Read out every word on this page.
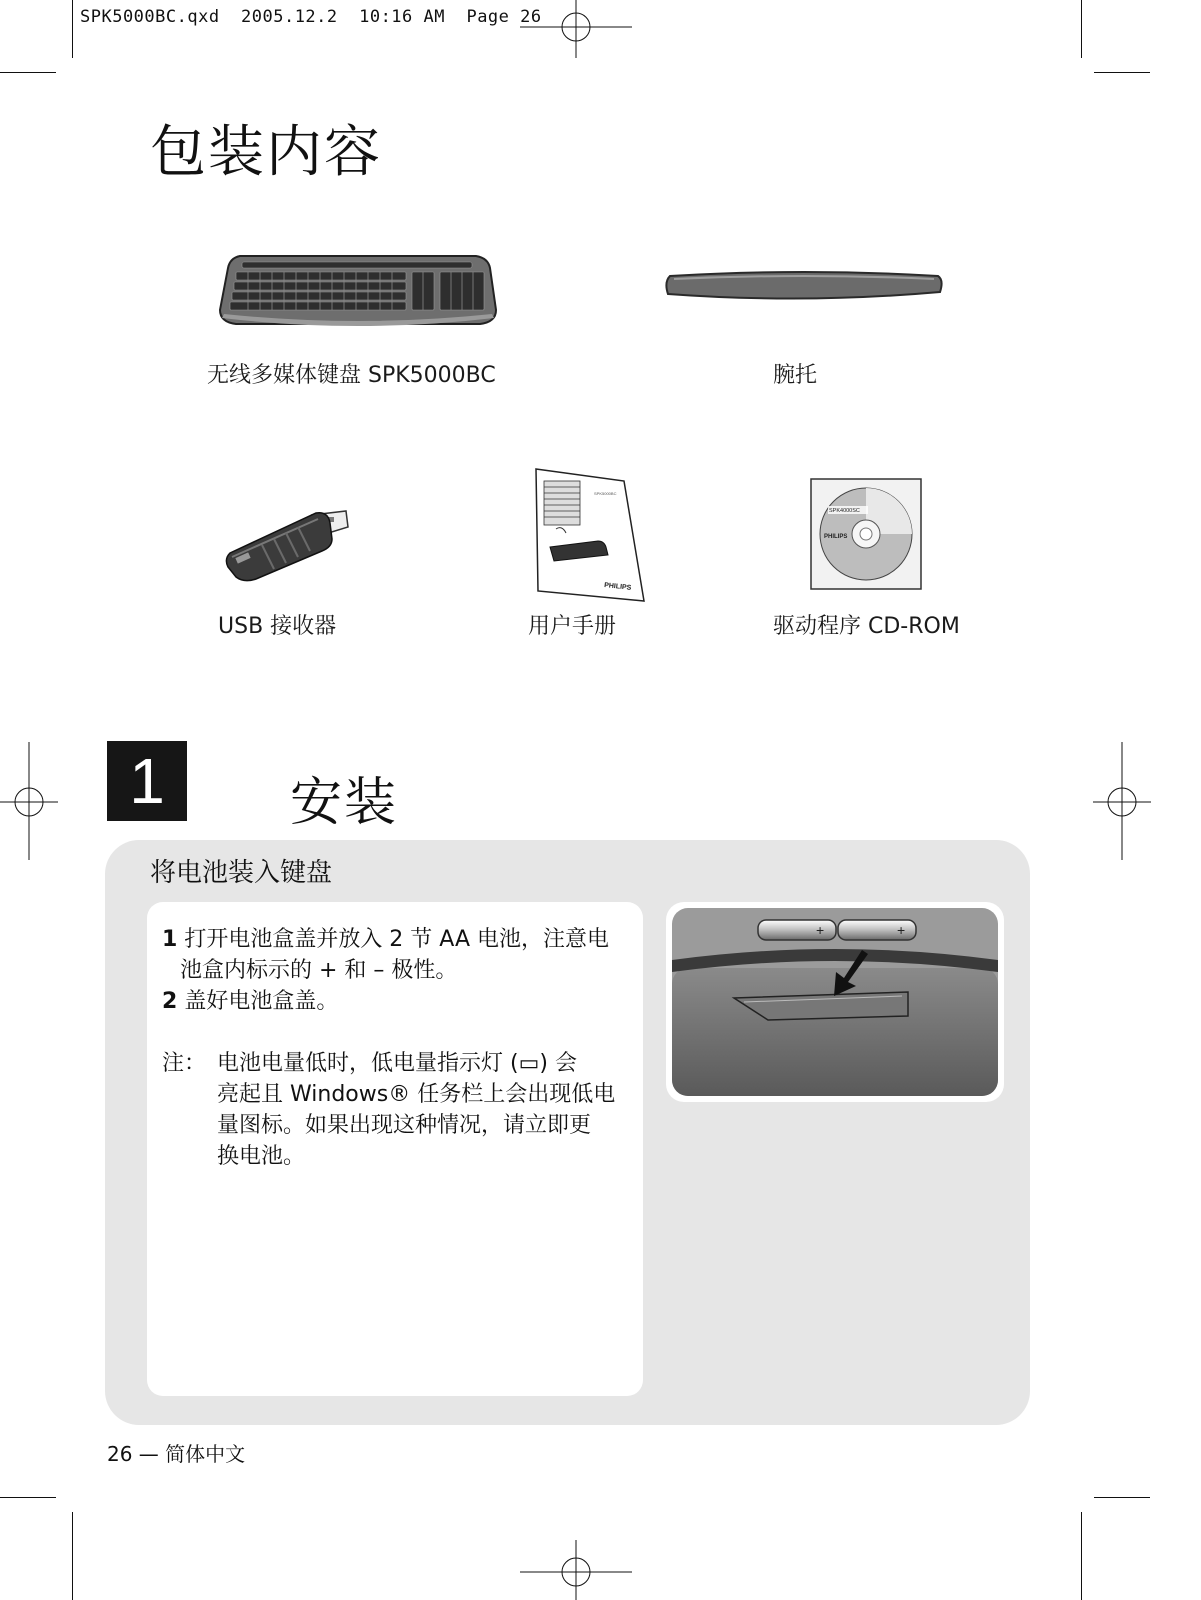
SPK5000BC.qxd  2005.12.2  10:16 AM  Page 26
包装内容
无线多媒体键盘 SPK5000BC	腕托
USB 接收器
SPK5000BC
PHILIPS
用户手册
SPK4000SC
PHILIPS
驱动程序 CD-ROM
1	安装
将电池装入键盘
1 打开电池盒盖并放入 2 节 AA 电池，注意电
池盒内标示的 + 和 – 极性。
2 盖好电池盒盖。
注： 电池电量低时，低电量指示灯 (▭) 会
亮起且 Windows® 任务栏上会出现低电
量图标。如果出现这种情况，请立即更
换电池。
+	+
26 — 简体中文
